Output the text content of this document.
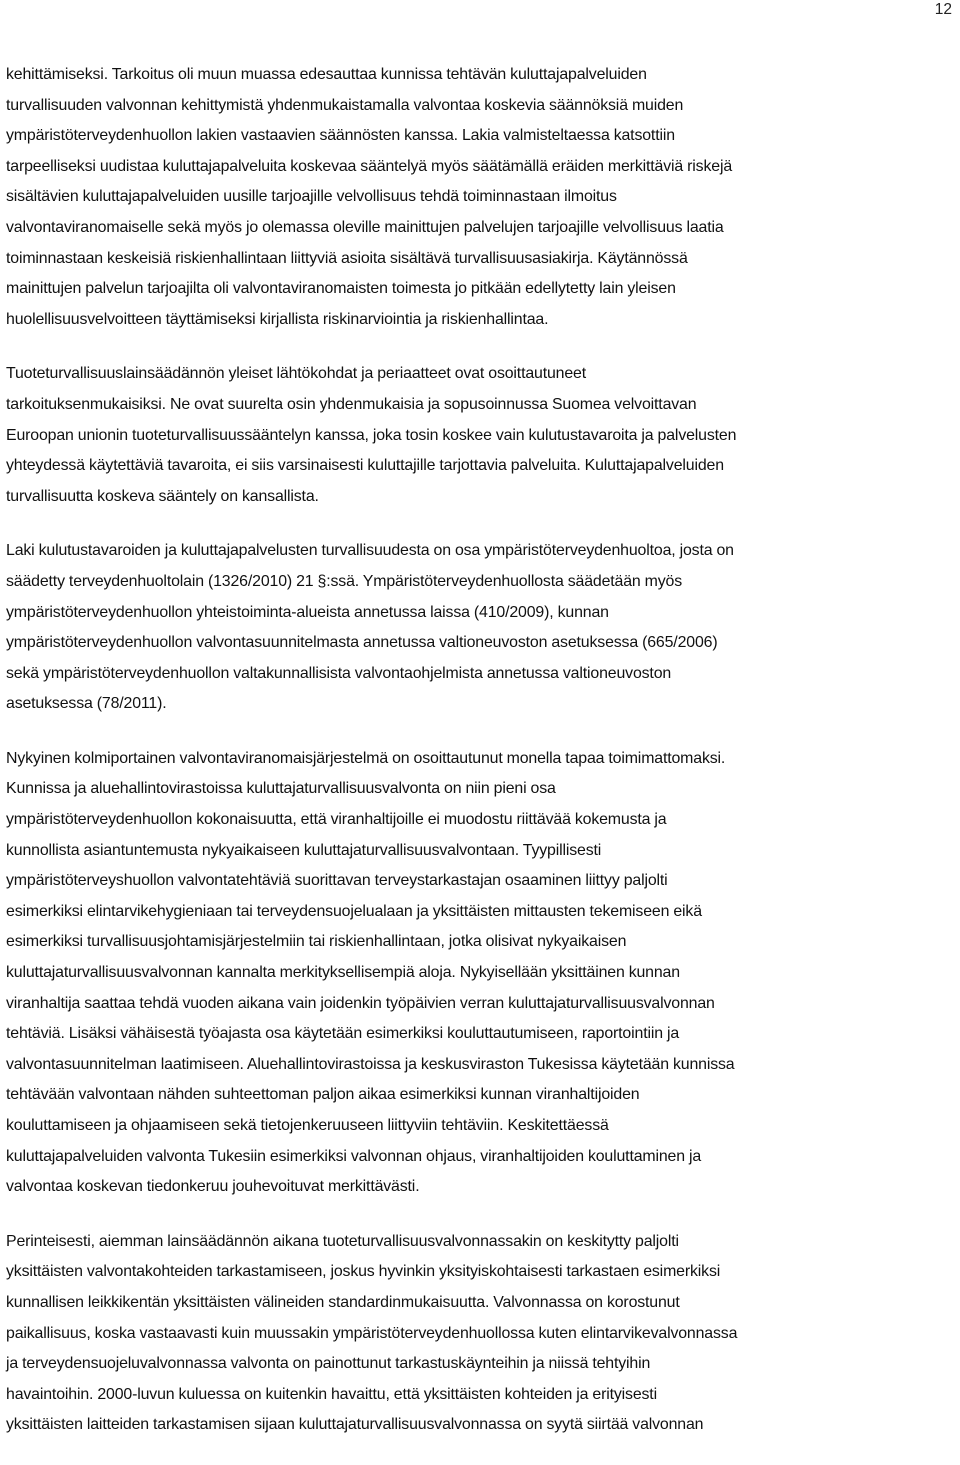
12

kehittämiseksi. Tarkoitus oli muun muassa edesauttaa kunnissa tehtävän kuluttajapalveluiden
turvallisuuden valvonnan kehittymistä yhdenmukaistamalla valvontaa koskevia säännöksiä muiden
ympäristöterveydenhuollon lakien vastaavien säännösten kanssa. Lakia valmisteltaessa katsottiin
tarpeelliseksi uudistaa kuluttajapalveluita koskevaa sääntelyä myös säätämällä eräiden merkittäviä riskejä
sisältävien kuluttajapalveluiden uusille tarjoajille velvollisuus tehdä toiminnastaan ilmoitus
valvontaviranomaiselle sekä myös jo olemassa oleville mainittujen palvelujen tarjoajille velvollisuus laatia
toiminnastaan keskeisiä riskienhallintaan liittyviä asioita sisältävä turvallisuusasiakirja. Käytännössä
mainittujen palvelun tarjoajilta oli valvontaviranomaisten toimesta jo pitkään edellytetty lain yleisen
huolellisuusvelvoitteen täyttämiseksi kirjallista riskinarviointia ja riskienhallintaa.

Tuoteturvallisuuslainsäädännön yleiset lähtökohdat ja periaatteet ovat osoittautuneet
tarkoituksenmukaisiksi. Ne ovat suurelta osin yhdenmukaisia ja sopusoinnussa Suomea velvoittavan
Euroopan unionin tuoteturvallisuussääntelyn kanssa, joka tosin koskee vain kulutustavaroita ja palvelusten
yhteydessä käytettäviä tavaroita, ei siis varsinaisesti kuluttajille tarjottavia palveluita. Kuluttajapalveluiden
turvallisuutta koskeva sääntely on kansallista.

Laki kulutustavaroiden ja kuluttajapalvelusten turvallisuudesta on osa ympäristöterveydenhuoltoa, josta on
säädetty terveydenhuoltolain (1326/2010) 21 §:ssä. Ympäristöterveydenhuollosta säädetään myös
ympäristöterveydenhuollon yhteistoiminta-alueista annetussa laissa (410/2009), kunnan
ympäristöterveydenhuollon valvontasuunnitelmasta annetussa valtioneuvoston asetuksessa (665/2006)
sekä ympäristöterveydenhuollon valtakunnallisista valvontaohjelmista annetussa valtioneuvoston
asetuksessa (78/2011).

Nykyinen kolmiportainen valvontaviranomaisjärjestelmä on osoittautunut monella tapaa toimimattomaksi.
Kunnissa ja aluehallintovirastoissa kuluttajaturvallisuusvalvonta on niin pieni osa
ympäristöterveydenhuollon kokonaisuutta, että viranhaltijoille ei muodostu riittävää kokemusta ja
kunnollista asiantuntemusta nykyaikaiseen kuluttajaturvallisuusvalvontaan. Tyypillisesti
ympäristöterveyshuollon valvontatehtäviä suorittavan terveystarkastajan osaaminen liittyy paljolti
esimerkiksi elintarvikehygieniaan tai terveydensuojelualaan ja yksittäisten mittausten tekemiseen eikä
esimerkiksi turvallisuusjohtamisjärjestelmiin tai riskienhallintaan, jotka olisivat nykyaikaisen
kuluttajaturvallisuusvalvonnan kannalta merkityksellisempiä aloja. Nykyisellään yksittäinen kunnan
viranhaltija saattaa tehdä vuoden aikana vain joidenkin työpäivien verran kuluttajaturvallisuusvalvonnan
tehtäviä. Lisäksi vähäisestä työajasta osa käytetään esimerkiksi kouluttautumiseen, raportointiin ja
valvontasuunnitelman laatimiseen. Aluehallintovirastoissa ja keskusviraston Tukesissa käytetään kunnissa
tehtävään valvontaan nähden suhteettoman paljon aikaa esimerkiksi kunnan viranhaltijoiden
kouluttamiseen ja ohjaamiseen sekä tietojenkeruuseen liittyviin tehtäviin. Keskitettäessä
kuluttajapalveluiden valvonta Tukesiin esimerkiksi valvonnan ohjaus, viranhaltijoiden kouluttaminen ja
valvontaa koskevan tiedonkeruu jouhevoituvat merkittävästi.

Perinteisesti, aiemman lainsäädännön aikana tuoteturvallisuusvalvonnassakin on keskitytty paljolti
yksittäisten valvontakohteiden tarkastamiseen, joskus hyvinkin yksityiskohtaisesti tarkastaen esimerkiksi
kunnallisen leikkikentän yksittäisten välineiden standardinmukaisuutta. Valvonnassa on korostunut
paikallisuus, koska vastaavasti kuin muussakin ympäristöterveydenhuollossa kuten elintarvikevalvonnassa
ja terveydensuojeluvalvonnassa valvonta on painottunut tarkastuskäynteihin ja niissä tehtyihin
havaintoihin. 2000-luvun kuluessa on kuitenkin havaittu, että yksittäisten kohteiden ja erityisesti
yksittäisten laitteiden tarkastamisen sijaan kuluttajaturvallisuusvalvonnassa on syytä siirtää valvonnan
